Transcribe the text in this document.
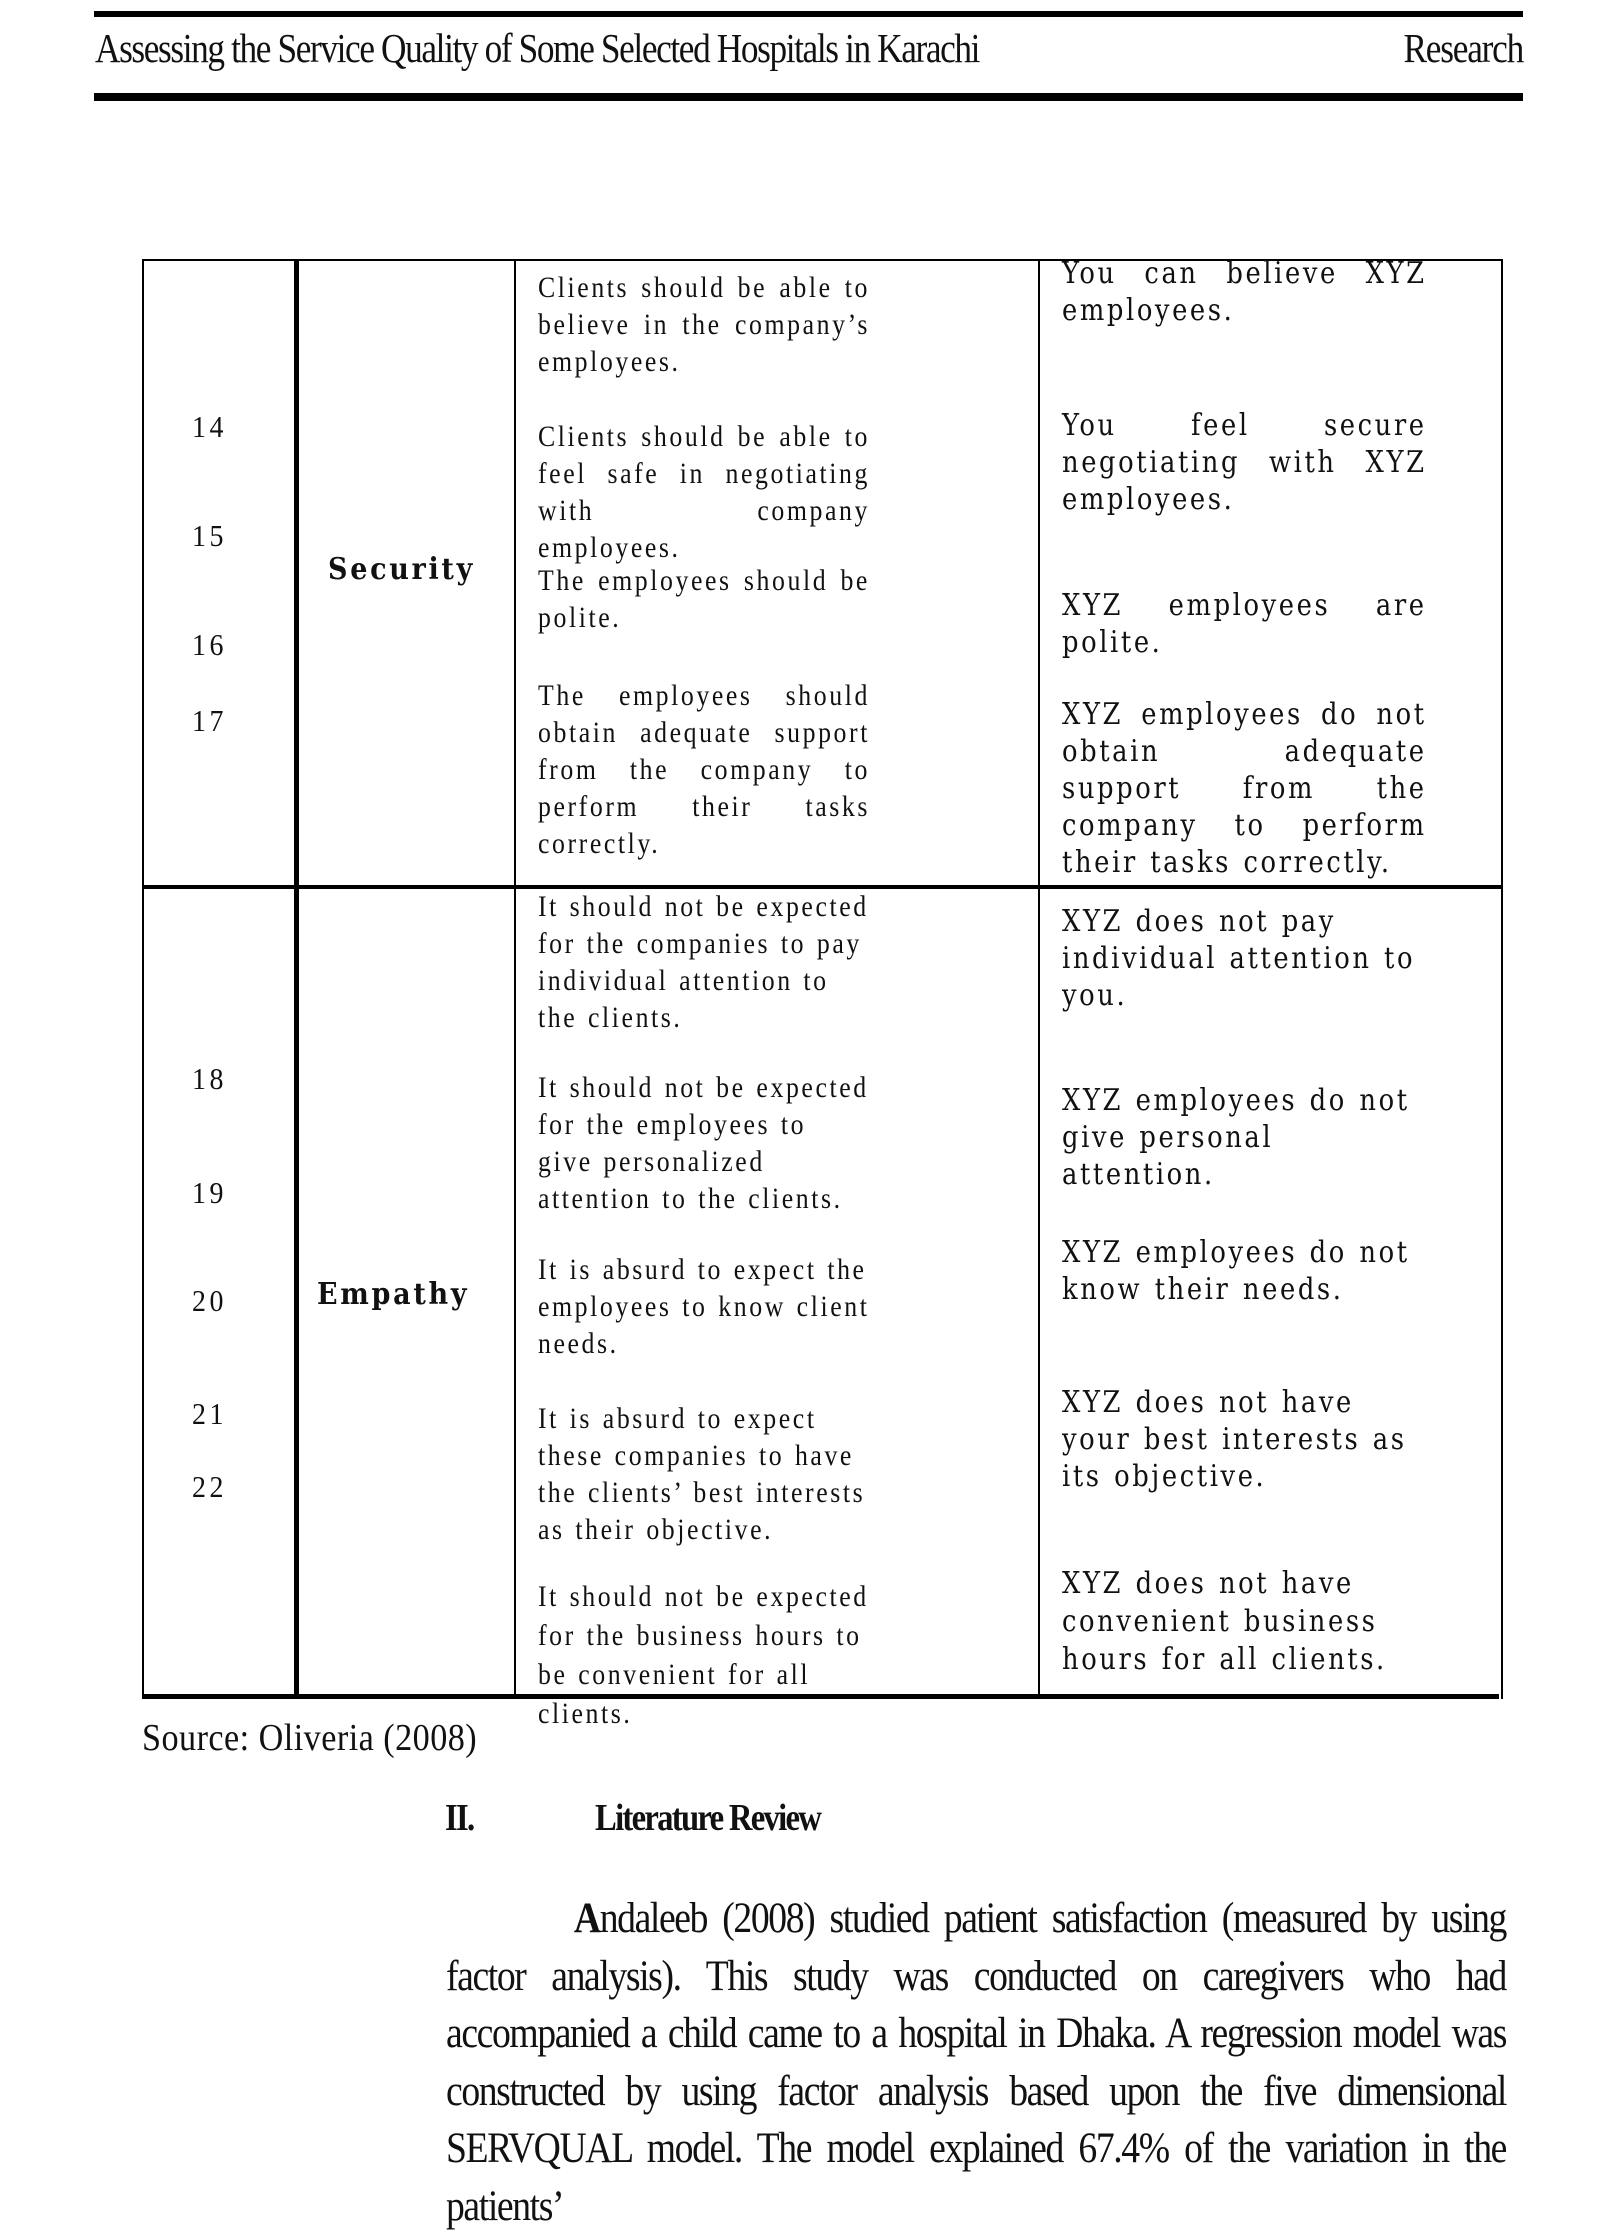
Assessing the Service Quality of Some Selected Hospitals in Karachi	Research
14
15
16
17
Security
Clients should be able to believe in the company’s employees.
Clients should be able to feel safe in negotiating with company employees.
The employees should be polite.
The employees should obtain adequate support from the company to perform their tasks correctly.
You can believe XYZ employees.
You feel secure negotiating with XYZ employees.
XYZ employees are polite.
XYZ employees do not obtain adequate support from the company to perform their tasks correctly.
18
19
20
21
22
Empathy
It should not be expected for the companies to pay individual attention to the clients.
It should not be expected for the employees to give personalized attention to the clients.
It is absurd to expect the employees to know client needs.
It is absurd to expect these companies to have the clients’ best interests as their objective.
It should not be expected for the business hours to be convenient for all clients.
XYZ does not pay individual attention to you.
XYZ employees do not give personal attention.
XYZ employees do not know their needs.
XYZ does not have your best interests as its objective.
XYZ does not have convenient business hours for all clients.
Source: Oliveria (2008)
II.	Literature Review
Andaleeb (2008) studied patient satisfaction (measured by using factor analysis). This study was conducted on caregivers who had accompanied a child came to a hospital in Dhaka. A regression model was constructed by using factor analysis based upon the five dimensional SERVQUAL model. The model explained 67.4% of the variation in the patients’
